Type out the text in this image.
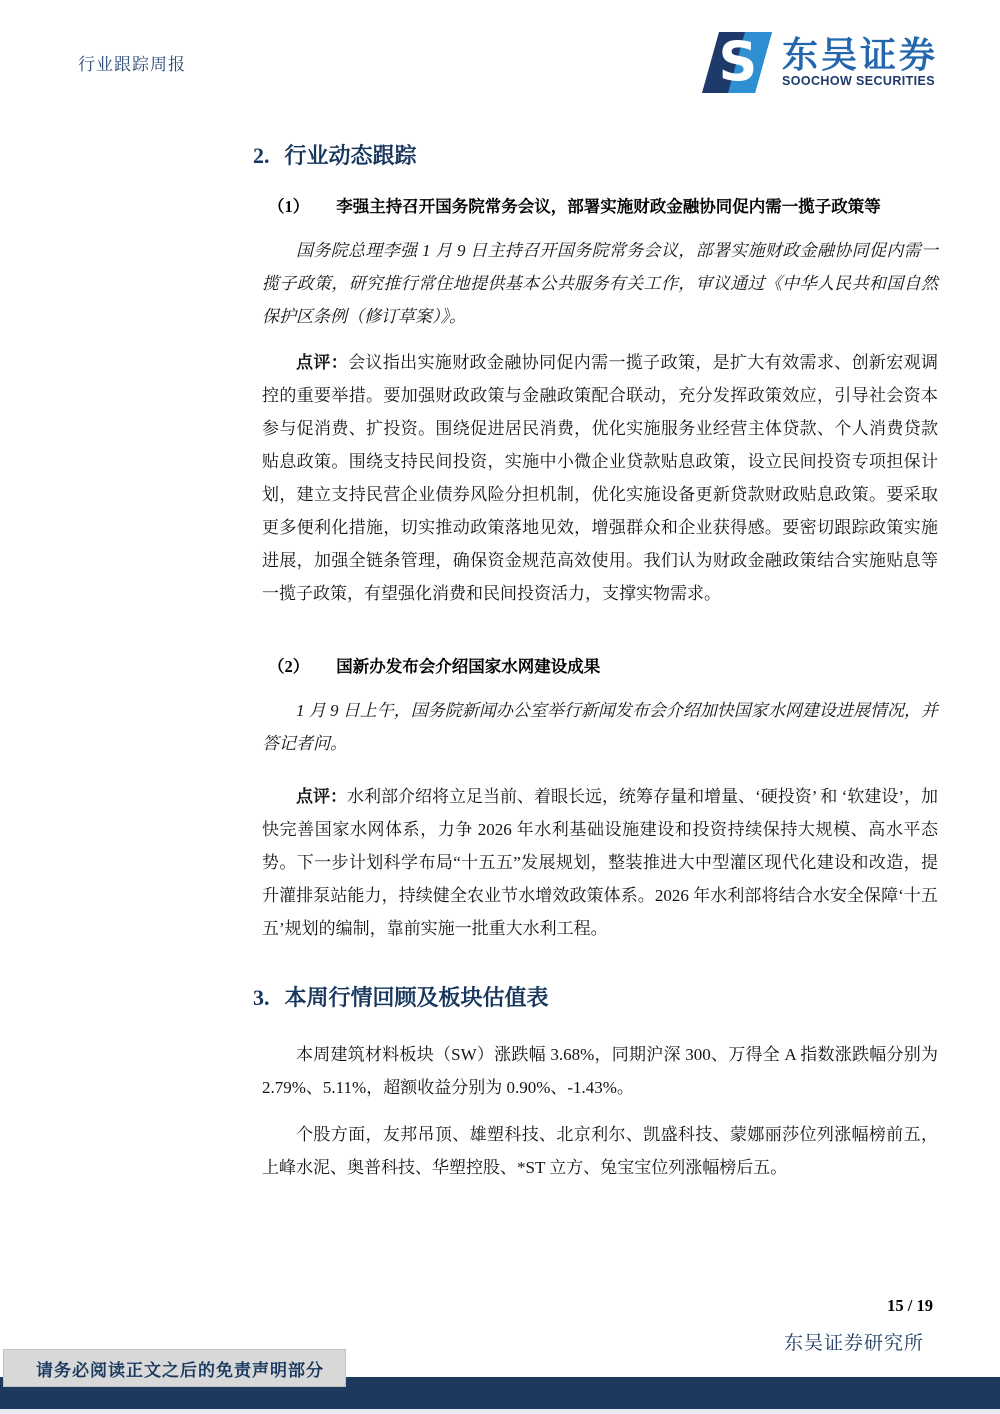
行业跟踪周报	S 东吴证券
SOOCHOW SECURITIES
2. 行业动态跟踪
（1） 李强主持召开国务院常务会议，部署实施财政金融协同促内需一揽子政策等

国务院总理李强 1 月 9 日主持召开国务院常务会议，部署实施财政金融协同促内需一揽子政策，研究推行常住地提供基本公共服务有关工作，审议通过《中华人民共和国自然保护区条例（修订草案）》。

点评：会议指出实施财政金融协同促内需一揽子政策，是扩大有效需求、创新宏观调控的重要举措。要加强财政政策与金融政策配合联动，充分发挥政策效应，引导社会资本参与促消费、扩投资。围绕促进居民消费，优化实施服务业经营主体贷款、个人消费贷款贴息政策。围绕支持民间投资，实施中小微企业贷款贴息政策，设立民间投资专项担保计划，建立支持民营企业债券风险分担机制，优化实施设备更新贷款财政贴息政策。要采取更多便利化措施，切实推动政策落地见效，增强群众和企业获得感。要密切跟踪政策实施进展，加强全链条管理，确保资金规范高效使用。我们认为财政金融政策结合实施贴息等一揽子政策，有望强化消费和民间投资活力，支撑实物需求。

（2） 国新办发布会介绍国家水网建设成果

1 月 9 日上午，国务院新闻办公室举行新闻发布会介绍加快国家水网建设进展情况，并答记者问。

点评：水利部介绍将立足当前、着眼长远，统筹存量和增量、‘硬投资’ 和 ‘软建设’，加快完善国家水网体系，力争 2026 年水利基础设施建设和投资持续保持大规模、高水平态势。下一步计划科学布局“十五五”发展规划，整装推进大中型灌区现代化建设和改造，提升灌排泵站能力，持续健全农业节水增效政策体系。2026 年水利部将结合水安全保障‘十五五’规划的编制，靠前实施一批重大水利工程。

3. 本周行情回顾及板块估值表

本周建筑材料板块（SW）涨跌幅 3.68%，同期沪深 300、万得全 A 指数涨跌幅分别为 2.79%、5.11%，超额收益分别为 0.90%、-1.43%。

个股方面，友邦吊顶、雄塑科技、北京利尔、凯盛科技、蒙娜丽莎位列涨幅榜前五，上峰水泥、奥普科技、华塑控股、*ST 立方、兔宝宝位列涨幅榜后五。

15 / 19
东吴证券研究所
请务必阅读正文之后的免责声明部分
